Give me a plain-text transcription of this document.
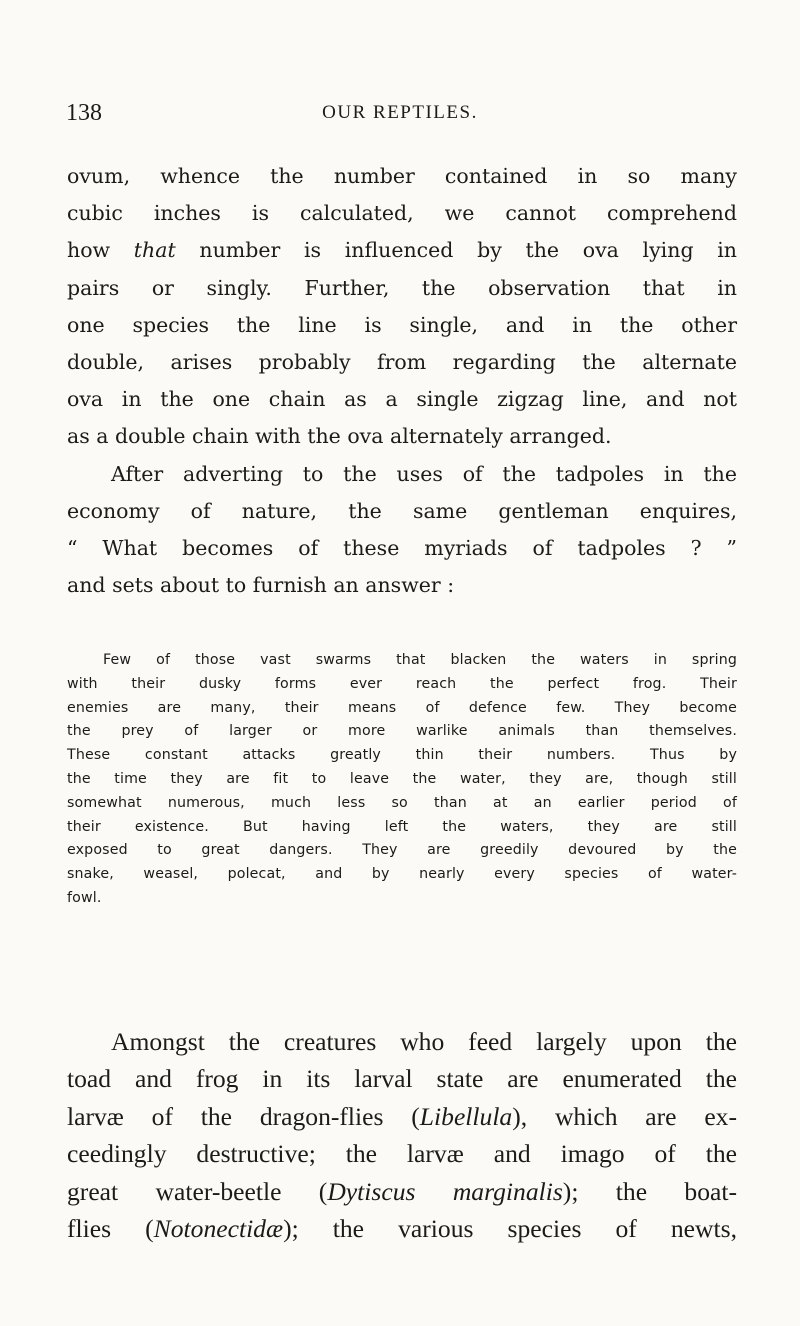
138	OUR REPTILES.
ovum, whence the number contained in so many
cubic inches is calculated, we cannot comprehend
how that number is influenced by the ova lying in
pairs or singly. Further, the observation that in
one species the line is single, and in the other
double, arises probably from regarding the alternate
ova in the one chain as a single zigzag line, and not
as a double chain with the ova alternately arranged.
After adverting to the uses of the tadpoles in the
economy of nature, the same gentleman enquires,
“ What becomes of these myriads of tadpoles ? ”
and sets about to furnish an answer :
Few of those vast swarms that blacken the waters in spring
with their dusky forms ever reach the perfect frog. Their
enemies are many, their means of defence few. They become
the prey of larger or more warlike animals than themselves.
These constant attacks greatly thin their numbers. Thus by
the time they are fit to leave the water, they are, though still
somewhat numerous, much less so than at an earlier period of
their existence. But having left the waters, they are still
exposed to great dangers. They are greedily devoured by the
snake, weasel, polecat, and by nearly every species of water-
fowl.
Amongst the creatures who feed largely upon the
toad and frog in its larval state are enumerated the
larvæ of the dragon-flies (Libellula), which are ex-
ceedingly destructive; the larvæ and imago of the
great water-beetle (Dytiscus marginalis); the boat-
flies (Notonectidæ); the various species of newts,
